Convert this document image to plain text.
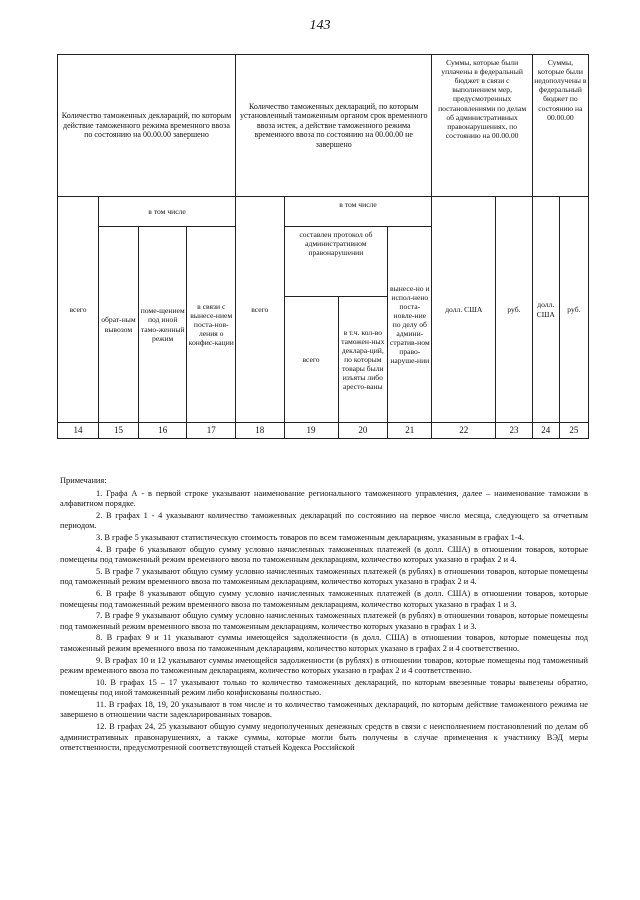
143
Количество таможенных деклараций, по которым действие таможенного режима временного ввоза по состоянию на 00.00.00 завершено				Количество таможенных деклараций, по которым установленный таможенным органом срок временного ввоза истек, а действие таможенного режима временного ввоза по состоянию на 00.00.00 не завершено				Суммы, которые были уплачены в федеральный бюджет в связи с выполнением мер, предусмотренных постановлениями по делам об административных правонарушениях, по состоянию на 00.00.00		Суммы, которые были недополучены в федеральный бюджет по состоянию на 00.00.00	
всего	в том числе			всего	в том числе			долл. США	руб.	долл. США	руб.
	обрат-ным вывозом	поме-щением под иной тамо-женный режим	в связи с вынесе-нием поста-нов-ления о конфис-кации		составлен протокол об административном правонарушении		вынесе-но и испол-нено поста-новле-ние по делу об админи-стратив-ном право-наруше-нии				
					всего	в т.ч. кол-во таможен-ных деклара-ций, по которым товары были изъяты либо аресто-ваны					
14	15	16	17	18	19	20	21	22	23	24	25
Примечания:

1. Графа А - в первой строке указывают наименование регионального таможенного управления, далее – наименование таможни в алфавитном порядке.

2. В графах 1 - 4 указывают количество таможенных деклараций по состоянию на первое число месяца, следующего за отчетным периодом.

3. В графе 5 указывают статистическую стоимость товаров по всем таможенным декларациям, указанным в графах 1-4.

4. В графе 6 указывают общую сумму условно начисленных таможенных платежей (в долл. США) в отношении товаров, которые помещены под таможенный режим временного ввоза по таможенным декларациям, количество которых указано в графах 2 и 4.

5. В графе 7 указывают общую сумму условно начисленных таможенных платежей (в рублях) в отношении товаров, которые помещены под таможенный режим временного ввоза по таможенным декларациям, количество которых указано в графах 2 и 4.

6. В графе 8 указывают общую сумму условно начисленных таможенных платежей (в долл. США) в отношении товаров, которые помещены под таможенный режим временного ввоза по таможенным декларациям, количество которых указано в графах 1 и 3.

7. В графе 9 указывают общую сумму условно начисленных таможенных платежей (в рублях) в отношении товаров, которые помещены под таможенный режим временного ввоза по таможенным декларациям, количество которых указано в графах 1 и 3.

8. В графах 9 и 11 указывают суммы имеющейся задолженности (в долл. США) в отношении товаров, которые помещены под таможенный режим временного ввоза по таможенным декларациям, количество которых указано в графах 2 и 4 соответственно.

9. В графах 10 и 12 указывают суммы имеющейся задолженности (в рублях) в отношении товаров, которые помещены под таможенный режим временного ввоза по таможенным декларациям, количество которых указано в графах 2 и 4 соответственно.

10. В графах 15 – 17 указывают только то количество таможенных деклараций, по которым ввезенные товары вывезены обратно, помещены под иной таможенный режим либо конфискованы полностью.

11. В графах 18, 19, 20 указывают в том числе и то количество таможенных деклараций, по которым действие таможенного режима не завершено в отношении части задекларированных товаров.

12. В графах 24, 25 указывают общую сумму недополученных денежных средств в связи с неисполнением постановлений по делам об административных правонарушениях, а также суммы, которые могли быть получены в случае применения к участнику ВЭД меры ответственности, предусмотренной соответствующей статьей Кодекса Российской
